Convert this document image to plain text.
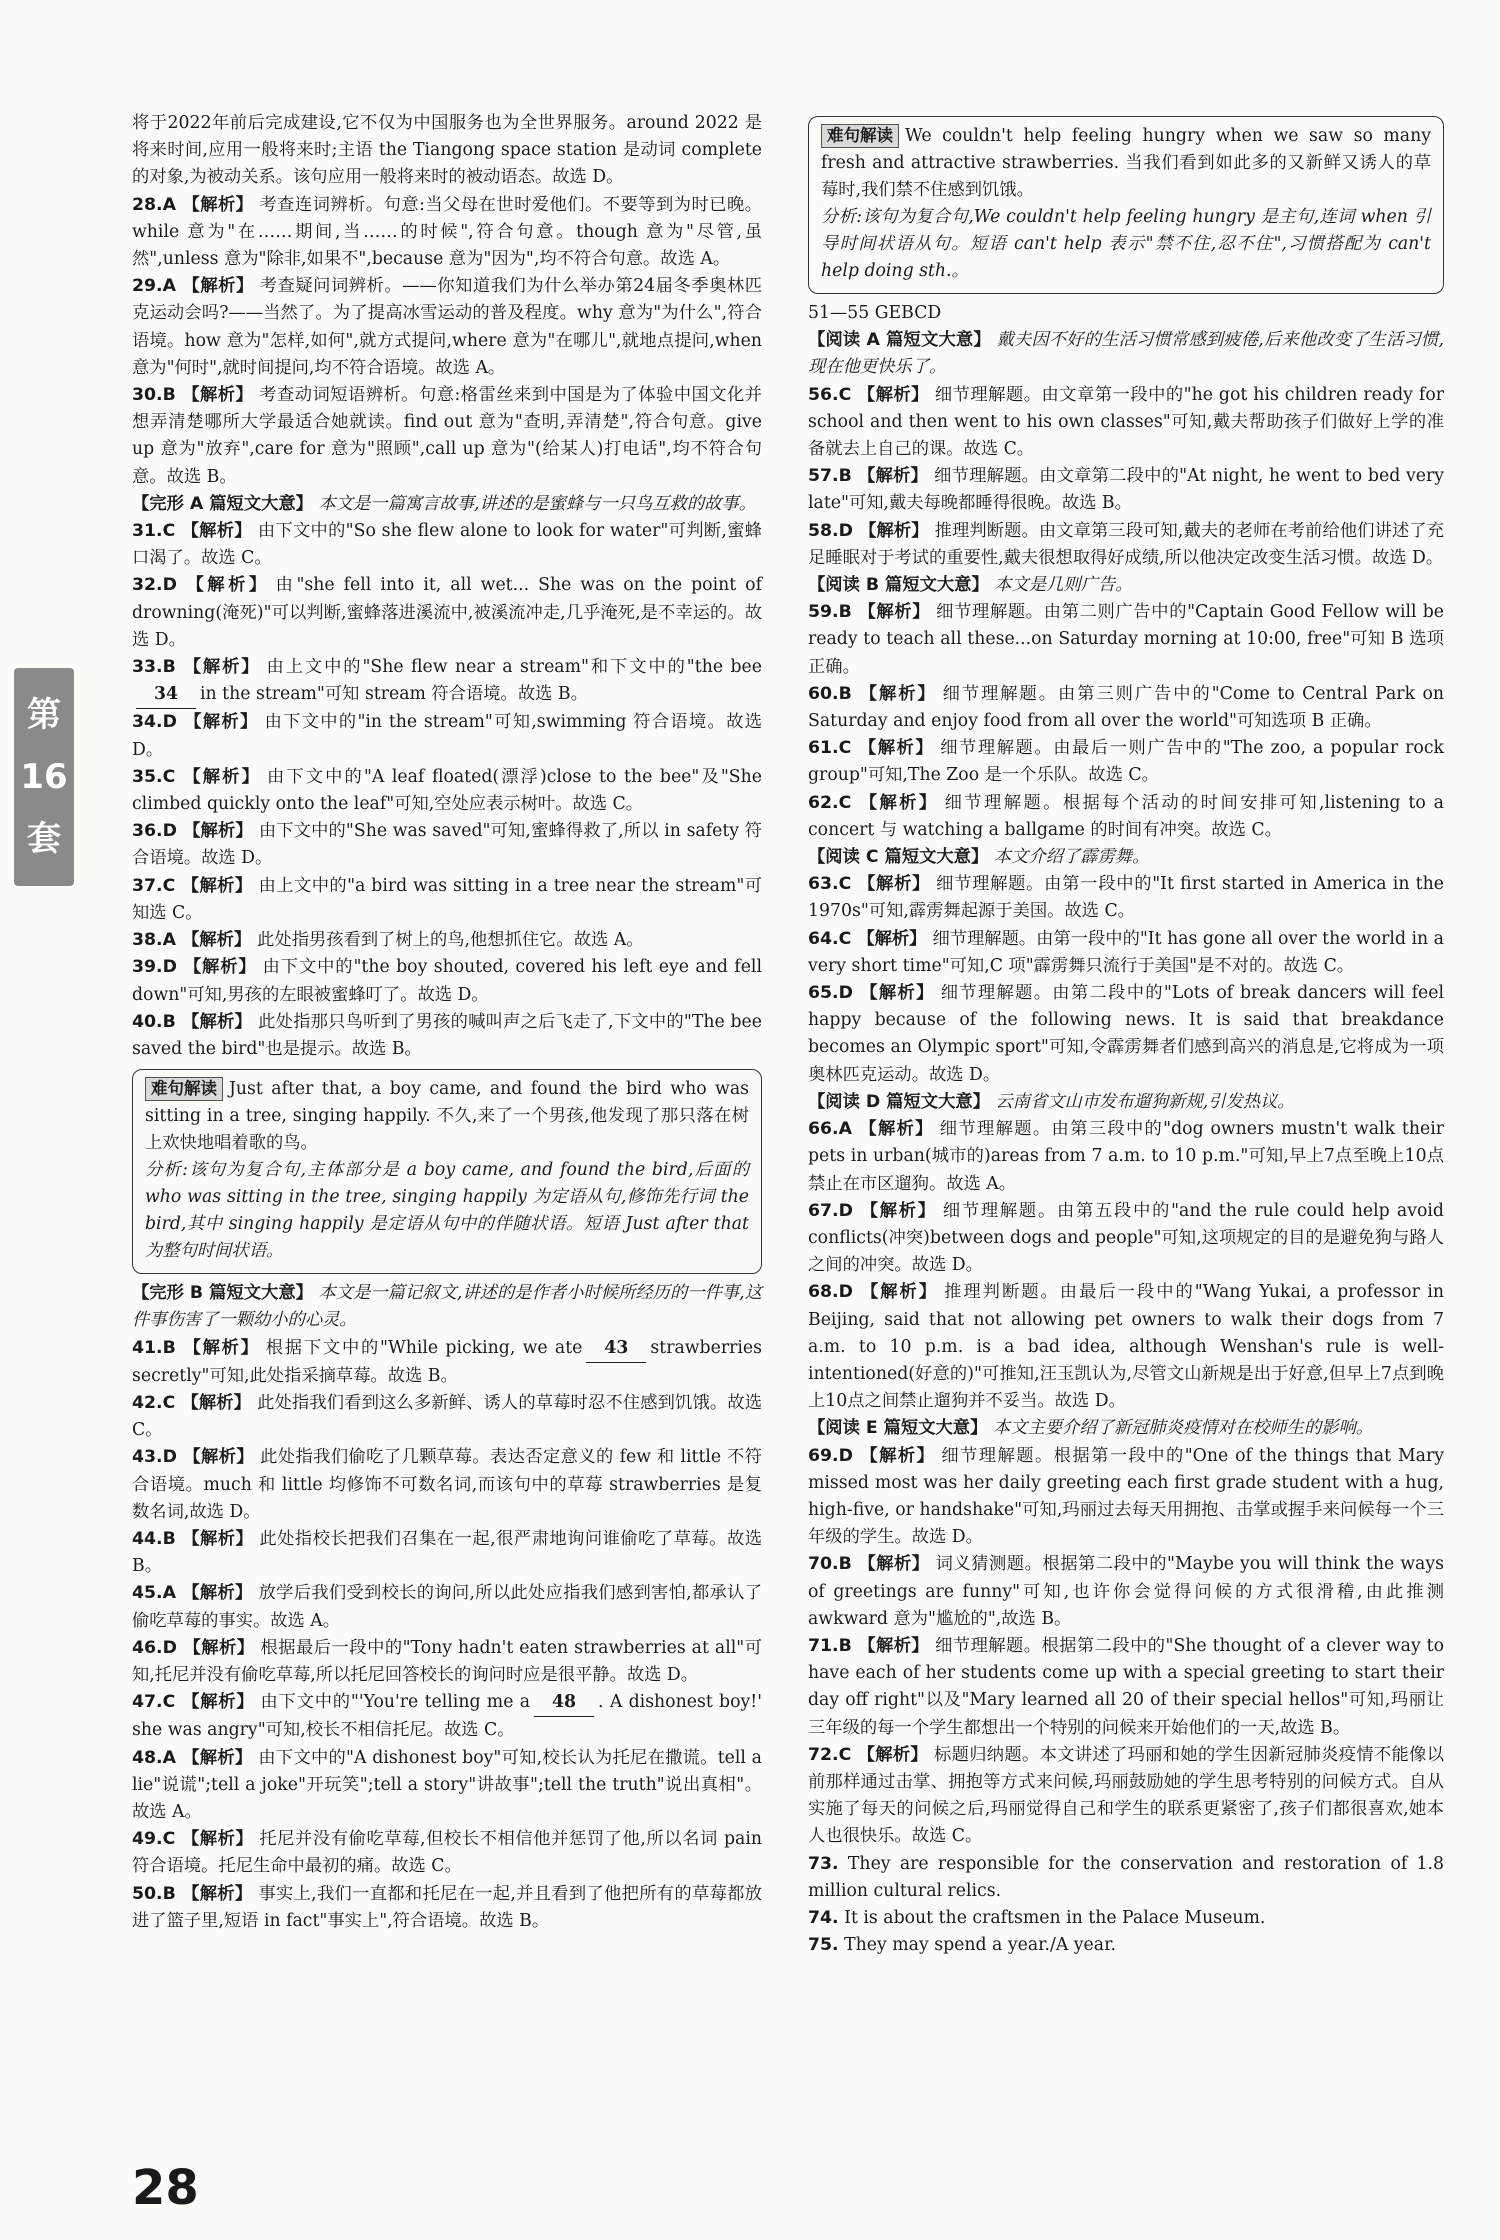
第
16
套

将于2022年前后完成建设,它不仅为中国服务也为全世界服务。around 2022 是将来时间,应用一般将来时;主语 the Tiangong space station 是动词 complete 的对象,为被动关系。该句应用一般将来时的被动语态。故选 D。

28.A 【解析】 考查连词辨析。句意:当父母在世时爱他们。不要等到为时已晚。while 意为"在……期间,当……的时候",符合句意。though 意为"尽管,虽然",unless 意为"除非,如果不",because 意为"因为",均不符合句意。故选 A。

29.A 【解析】 考查疑问词辨析。——你知道我们为什么举办第24届冬季奥林匹克运动会吗?——当然了。为了提高冰雪运动的普及程度。why 意为"为什么",符合语境。how 意为"怎样,如何",就方式提问,where 意为"在哪儿",就地点提问,when 意为"何时",就时间提问,均不符合语境。故选 A。

30.B 【解析】 考查动词短语辨析。句意:格雷丝来到中国是为了体验中国文化并想弄清楚哪所大学最适合她就读。find out 意为"查明,弄清楚",符合句意。give up 意为"放弃",care for 意为"照顾",call up 意为"(给某人)打电话",均不符合句意。故选 B。

【完形 A 篇短文大意】 本文是一篇寓言故事,讲述的是蜜蜂与一只鸟互救的故事。

31.C 【解析】 由下文中的"So she flew alone to look for water"可判断,蜜蜂口渴了。故选 C。

32.D 【解析】 由"she fell into it, all wet... She was on the point of drowning(淹死)"可以判断,蜜蜂落进溪流中,被溪流冲走,几乎淹死,是不幸运的。故选 D。

33.B 【解析】 由上文中的"She flew near a stream"和下文中的"the bee34 in the stream"可知 stream 符合语境。故选 B。

34.D 【解析】 由下文中的"in the stream"可知,swimming 符合语境。故选 D。

35.C 【解析】 由下文中的"A leaf floated(漂浮)close to the bee"及"She climbed quickly onto the leaf"可知,空处应表示树叶。故选 C。

36.D 【解析】 由下文中的"She was saved"可知,蜜蜂得救了,所以 in safety 符合语境。故选 D。

37.C 【解析】 由上文中的"a bird was sitting in a tree near the stream"可知选 C。

38.A 【解析】 此处指男孩看到了树上的鸟,他想抓住它。故选 A。

39.D 【解析】 由下文中的"the boy shouted, covered his left eye and fell down"可知,男孩的左眼被蜜蜂叮了。故选 D。

40.B 【解析】 此处指那只鸟听到了男孩的喊叫声之后飞走了,下文中的"The bee saved the bird"也是提示。故选 B。

难句解读 Just after that, a boy came, and found the bird who was sitting in a tree, singing happily. 不久,来了一个男孩,他发现了那只落在树上欢快地唱着歌的鸟。

分析:该句为复合句,主体部分是 a boy came, and found the bird,后面的 who was sitting in the tree, singing happily 为定语从句,修饰先行词 the bird,其中 singing happily 是定语从句中的伴随状语。短语 Just after that 为整句时间状语。

【完形 B 篇短文大意】 本文是一篇记叙文,讲述的是作者小时候所经历的一件事,这件事伤害了一颗幼小的心灵。

41.B 【解析】 根据下文中的"While picking, we ate 43 strawberries secretly"可知,此处指采摘草莓。故选 B。

42.C 【解析】 此处指我们看到这么多新鲜、诱人的草莓时忍不住感到饥饿。故选 C。

43.D 【解析】 此处指我们偷吃了几颗草莓。表达否定意义的 few 和 little 不符合语境。much 和 little 均修饰不可数名词,而该句中的草莓 strawberries 是复数名词,故选 D。

44.B 【解析】 此处指校长把我们召集在一起,很严肃地询问谁偷吃了草莓。故选 B。

45.A 【解析】 放学后我们受到校长的询问,所以此处应指我们感到害怕,都承认了偷吃草莓的事实。故选 A。

46.D 【解析】 根据最后一段中的"Tony hadn't eaten strawberries at all"可知,托尼并没有偷吃草莓,所以托尼回答校长的询问时应是很平静。故选 D。

47.C 【解析】 由下文中的"'You're telling me a 48 . A dishonest boy!' she was angry"可知,校长不相信托尼。故选 C。

48.A 【解析】 由下文中的"A dishonest boy"可知,校长认为托尼在撒谎。tell a lie"说谎";tell a joke"开玩笑";tell a story"讲故事";tell the truth"说出真相"。故选 A。

49.C 【解析】 托尼并没有偷吃草莓,但校长不相信他并惩罚了他,所以名词 pain 符合语境。托尼生命中最初的痛。故选 C。

50.B 【解析】 事实上,我们一直都和托尼在一起,并且看到了他把所有的草莓都放进了篮子里,短语 in fact"事实上",符合语境。故选 B。

难句解读 We couldn't help feeling hungry when we saw so many fresh and attractive strawberries. 当我们看到如此多的又新鲜又诱人的草莓时,我们禁不住感到饥饿。

分析:该句为复合句,We couldn't help feeling hungry 是主句,连词 when 引导时间状语从句。短语 can't help 表示"禁不住,忍不住",习惯搭配为 can't help doing sth.。

51—55 GEBCD

【阅读 A 篇短文大意】 戴夫因不好的生活习惯常感到疲倦,后来他改变了生活习惯,现在他更快乐了。

56.C 【解析】 细节理解题。由文章第一段中的"he got his children ready for school and then went to his own classes"可知,戴夫帮助孩子们做好上学的准备就去上自己的课。故选 C。

57.B 【解析】 细节理解题。由文章第二段中的"At night, he went to bed very late"可知,戴夫每晚都睡得很晚。故选 B。

58.D 【解析】 推理判断题。由文章第三段可知,戴夫的老师在考前给他们讲述了充足睡眠对于考试的重要性,戴夫很想取得好成绩,所以他决定改变生活习惯。故选 D。

【阅读 B 篇短文大意】 本文是几则广告。

59.B 【解析】 细节理解题。由第二则广告中的"Captain Good Fellow will be ready to teach all these...on Saturday morning at 10:00, free"可知 B 选项正确。

60.B 【解析】 细节理解题。由第三则广告中的"Come to Central Park on Saturday and enjoy food from all over the world"可知选项 B 正确。

61.C 【解析】 细节理解题。由最后一则广告中的"The zoo, a popular rock group"可知,The Zoo 是一个乐队。故选 C。

62.C 【解析】 细节理解题。根据每个活动的时间安排可知,listening to a concert 与 watching a ballgame 的时间有冲突。故选 C。

【阅读 C 篇短文大意】 本文介绍了霹雳舞。

63.C 【解析】 细节理解题。由第一段中的"It first started in America in the 1970s"可知,霹雳舞起源于美国。故选 C。

64.C 【解析】 细节理解题。由第一段中的"It has gone all over the world in a very short time"可知,C 项"霹雳舞只流行于美国"是不对的。故选 C。

65.D 【解析】 细节理解题。由第二段中的"Lots of break dancers will feel happy because of the following news. It is said that breakdance becomes an Olympic sport"可知,令霹雳舞者们感到高兴的消息是,它将成为一项奥林匹克运动。故选 D。

【阅读 D 篇短文大意】 云南省文山市发布遛狗新规,引发热议。

66.A 【解析】 细节理解题。由第三段中的"dog owners mustn't walk their pets in urban(城市的)areas from 7 a.m. to 10 p.m."可知,早上7点至晚上10点禁止在市区遛狗。故选 A。

67.D 【解析】 细节理解题。由第五段中的"and the rule could help avoid conflicts(冲突)between dogs and people"可知,这项规定的目的是避免狗与路人之间的冲突。故选 D。

68.D 【解析】 推理判断题。由最后一段中的"Wang Yukai, a professor in Beijing, said that not allowing pet owners to walk their dogs from 7 a.m. to 10 p.m. is a bad idea, although Wenshan's rule is well-intentioned(好意的)"可推知,汪玉凯认为,尽管文山新规是出于好意,但早上7点到晚上10点之间禁止遛狗并不妥当。故选 D。

【阅读 E 篇短文大意】 本文主要介绍了新冠肺炎疫情对在校师生的影响。

69.D 【解析】 细节理解题。根据第一段中的"One of the things that Mary missed most was her daily greeting each first grade student with a hug, high-five, or handshake"可知,玛丽过去每天用拥抱、击掌或握手来问候每一个三年级的学生。故选 D。

70.B 【解析】 词义猜测题。根据第二段中的"Maybe you will think the ways of greetings are funny"可知,也许你会觉得问候的方式很滑稽,由此推测 awkward 意为"尴尬的",故选 B。

71.B 【解析】 细节理解题。根据第二段中的"She thought of a clever way to have each of her students come up with a special greeting to start their day off right"以及"Mary learned all 20 of their special hellos"可知,玛丽让三年级的每一个学生都想出一个特别的问候来开始他们的一天,故选 B。

72.C 【解析】 标题归纳题。本文讲述了玛丽和她的学生因新冠肺炎疫情不能像以前那样通过击掌、拥抱等方式来问候,玛丽鼓励她的学生思考特别的问候方式。自从实施了每天的问候之后,玛丽觉得自己和学生的联系更紧密了,孩子们都很喜欢,她本人也很快乐。故选 C。

73. They are responsible for the conservation and restoration of 1.8 million cultural relics.

74. It is about the craftsmen in the Palace Museum.

75. They may spend a year./A year.

28
